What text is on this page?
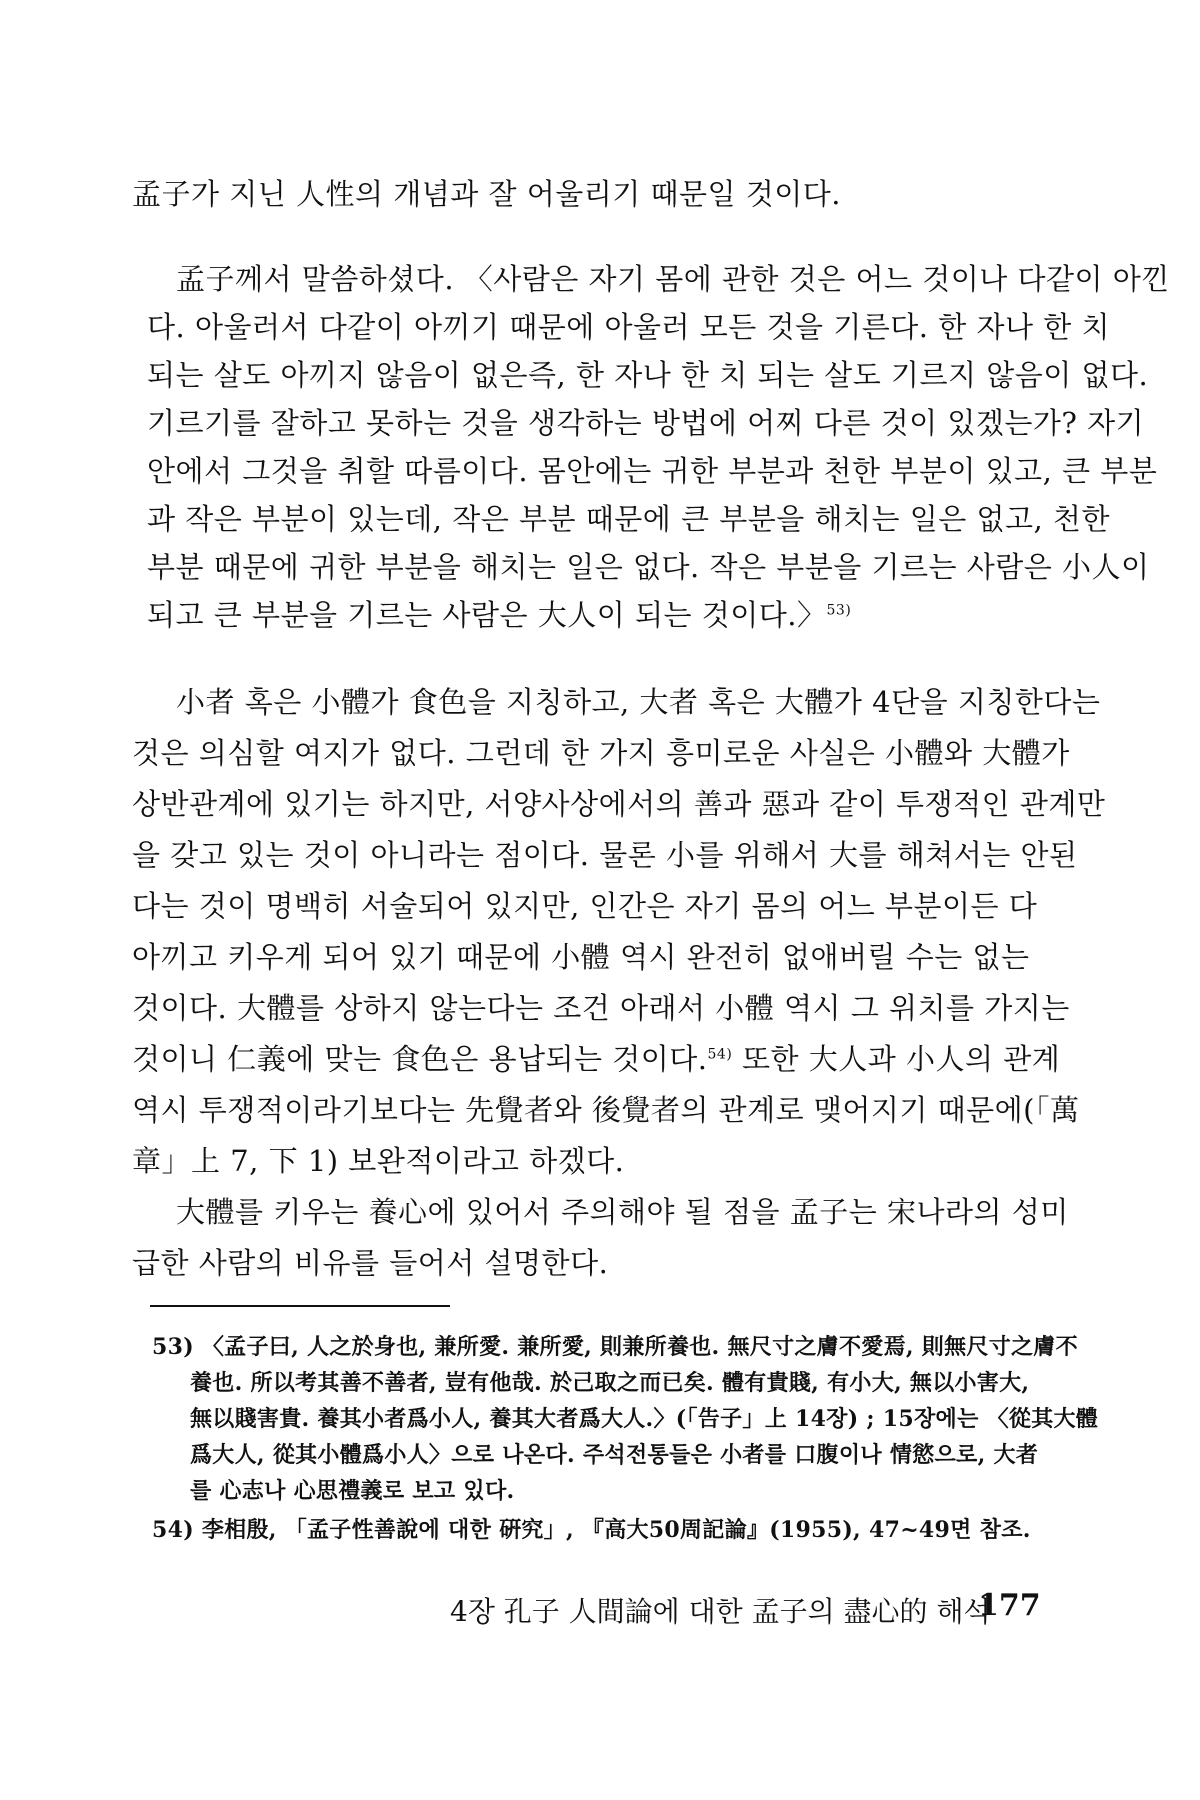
孟子가 지닌 人性의 개념과 잘 어울리기 때문일 것이다.
孟子께서 말씀하셨다. 〈사람은 자기 몸에 관한 것은 어느 것이나 다같이 아낀
다. 아울러서 다같이 아끼기 때문에 아울러 모든 것을 기른다. 한 자나 한 치
되는 살도 아끼지 않음이 없은즉, 한 자나 한 치 되는 살도 기르지 않음이 없다.
기르기를 잘하고 못하는 것을 생각하는 방법에 어찌 다른 것이 있겠는가? 자기
안에서 그것을 취할 따름이다. 몸안에는 귀한 부분과 천한 부분이 있고, 큰 부분
과 작은 부분이 있는데, 작은 부분 때문에 큰 부분을 해치는 일은 없고, 천한
부분 때문에 귀한 부분을 해치는 일은 없다. 작은 부분을 기르는 사람은 小人이
되고 큰 부분을 기르는 사람은 大人이 되는 것이다.〉$^{53)}$
小者 혹은 小體가 食色을 지칭하고, 大者 혹은 大體가 4단을 지칭한다는
것은 의심할 여지가 없다. 그런데 한 가지 흥미로운 사실은 小體와 大體가
상반관계에 있기는 하지만, 서양사상에서의 善과 惡과 같이 투쟁적인 관계만
을 갖고 있는 것이 아니라는 점이다. 물론 小를 위해서 大를 해쳐서는 안된
다는 것이 명백히 서술되어 있지만, 인간은 자기 몸의 어느 부분이든 다
아끼고 키우게 되어 있기 때문에 小體 역시 완전히 없애버릴 수는 없는
것이다. 大體를 상하지 않는다는 조건 아래서 小體 역시 그 위치를 가지는
것이니 仁義에 맞는 食色은 용납되는 것이다.$^{54)}$ 또한 大人과 小人의 관계
역시 투쟁적이라기보다는 先覺者와 後覺者의 관계로 맺어지기 때문에(「萬
章」上 7, 下 1) 보완적이라고 하겠다.
大體를 키우는 養心에 있어서 주의해야 될 점을 孟子는 宋나라의 성미
급한 사람의 비유를 들어서 설명한다.
53) 〈孟子曰, 人之於身也, 兼所愛. 兼所愛, 則兼所養也. 無尺寸之膚不愛焉, 則無尺寸之膚不
養也. 所以考其善不善者, 豈有他哉. 於己取之而已矣. 體有貴賤, 有小大, 無以小害大,
無以賤害貴. 養其小者爲小人, 養其大者爲大人.〉(「告子」上 14장) ; 15장에는 〈從其大體
爲大人, 從其小體爲小人〉으로 나온다. 주석전통들은 小者를 口腹이나 情慾으로, 大者
를 心志나 心思禮義로 보고 있다.
54) 李相殷, 「孟子性善說에 대한 硏究」, 『高大50周記論』(1955), 47~49면 참조.
4장 孔子 人間論에 대한 孟子의 盡心的 해석
177
